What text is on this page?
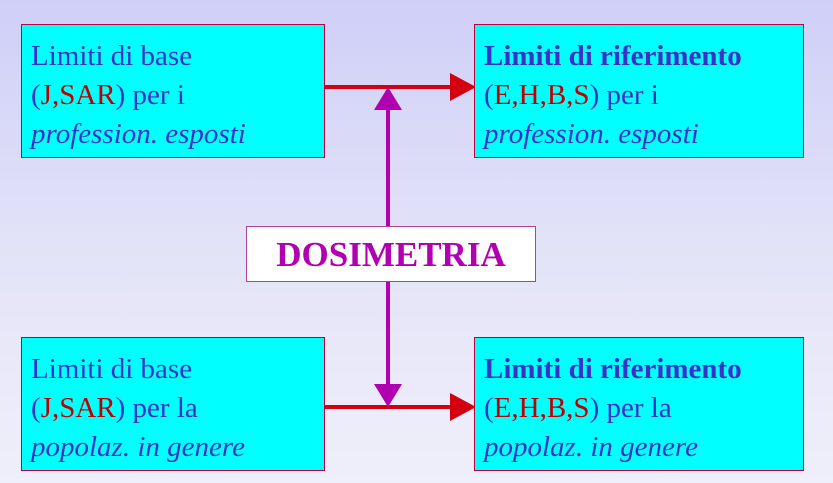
Limiti di base
(J,SAR) per i
profession. esposti
Limiti di riferimento
(E,H,B,S) per i
profession. esposti
DOSIMETRIA
Limiti di base
(J,SAR) per la
popolaz. in genere
Limiti di riferimento
(E,H,B,S) per la
popolaz. in genere
